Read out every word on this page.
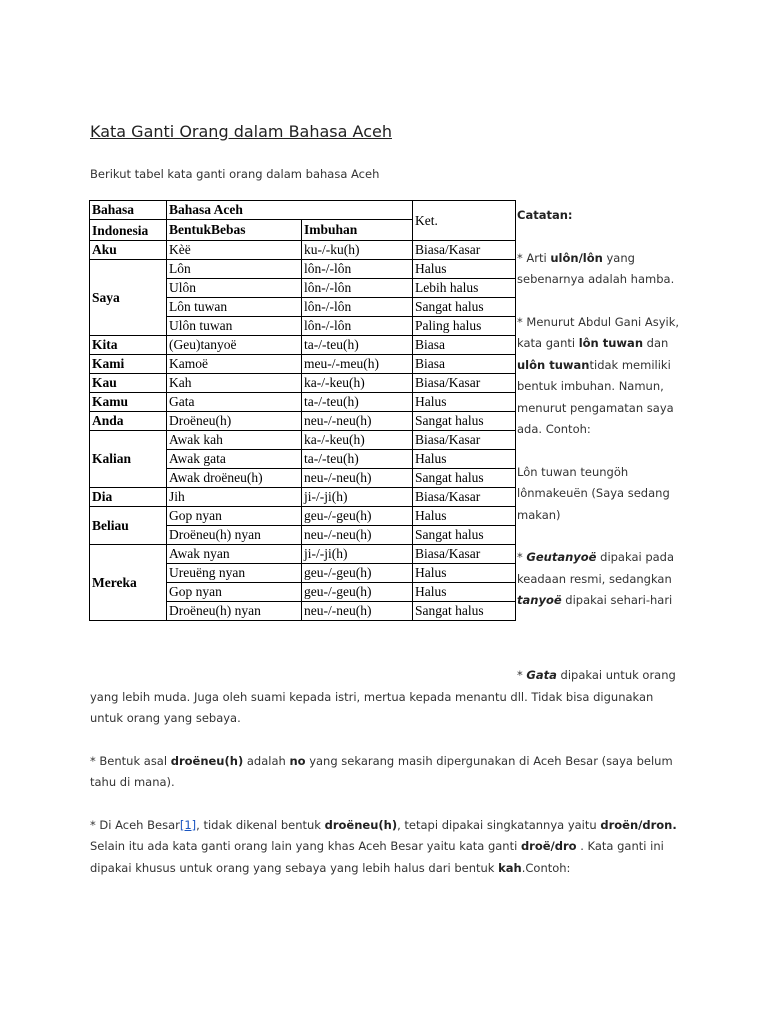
Kata Ganti Orang dalam Bahasa Aceh
Berikut tabel kata ganti orang dalam bahasa Aceh
Bahasa	Bahasa Aceh		Ket.
Indonesia	BentukBebas	Imbuhan	
Aku	Kèë	ku-/-ku(h)	Biasa/Kasar
Saya	Lôn	lôn-/-lôn	Halus
	Ulôn	lôn-/-lôn	Lebih halus
	Lôn tuwan	lôn-/-lôn	Sangat halus
	Ulôn tuwan	lôn-/-lôn	Paling halus
Kita	(Geu)tanyoë	ta-/-teu(h)	Biasa
Kami	Kamoë	meu-/-meu(h)	Biasa
Kau	Kah	ka-/-keu(h)	Biasa/Kasar
Kamu	Gata	ta-/-teu(h)	Halus
Anda	Droëneu(h)	neu-/-neu(h)	Sangat halus
Kalian	Awak kah	ka-/-keu(h)	Biasa/Kasar
	Awak gata	ta-/-teu(h)	Halus
	Awak droëneu(h)	neu-/-neu(h)	Sangat halus
Dia	Jih	ji-/-ji(h)	Biasa/Kasar
Beliau	Gop nyan	geu-/-geu(h)	Halus
	Droëneu(h) nyan	neu-/-neu(h)	Sangat halus
Mereka	Awak nyan	ji-/-ji(h)	Biasa/Kasar
	Ureuëng nyan	geu-/-geu(h)	Halus
	Gop nyan	geu-/-geu(h)	Halus
	Droëneu(h) nyan	neu-/-neu(h)	Sangat halus

Catatan:

* Arti ulôn/lôn yang sebenarnya adalah hamba.

* Menurut Abdul Gani Asyik, kata ganti lôn tuwan dan ulôn tuwantidak memiliki bentuk imbuhan. Namun, menurut pengamatan saya ada. Contoh:

Lôn tuwan teungöh lônmakeuën (Saya sedang makan)

* Geutanyoë dipakai pada keadaan resmi, sedangkan tanyoë dipakai sehari-hari

* Gata dipakai untuk orang yang lebih muda. Juga oleh suami kepada istri, mertua kepada menantu dll. Tidak bisa digunakan untuk orang yang sebaya.

* Bentuk asal droëneu(h) adalah no yang sekarang masih dipergunakan di Aceh Besar (saya belum tahu di mana).

* Di Aceh Besar[1], tidak dikenal bentuk droëneu(h), tetapi dipakai singkatannya yaitu droën/dron. Selain itu ada kata ganti orang lain yang khas Aceh Besar yaitu kata ganti droë/dro . Kata ganti ini dipakai khusus untuk orang yang sebaya yang lebih halus dari bentuk kah.Contoh:
